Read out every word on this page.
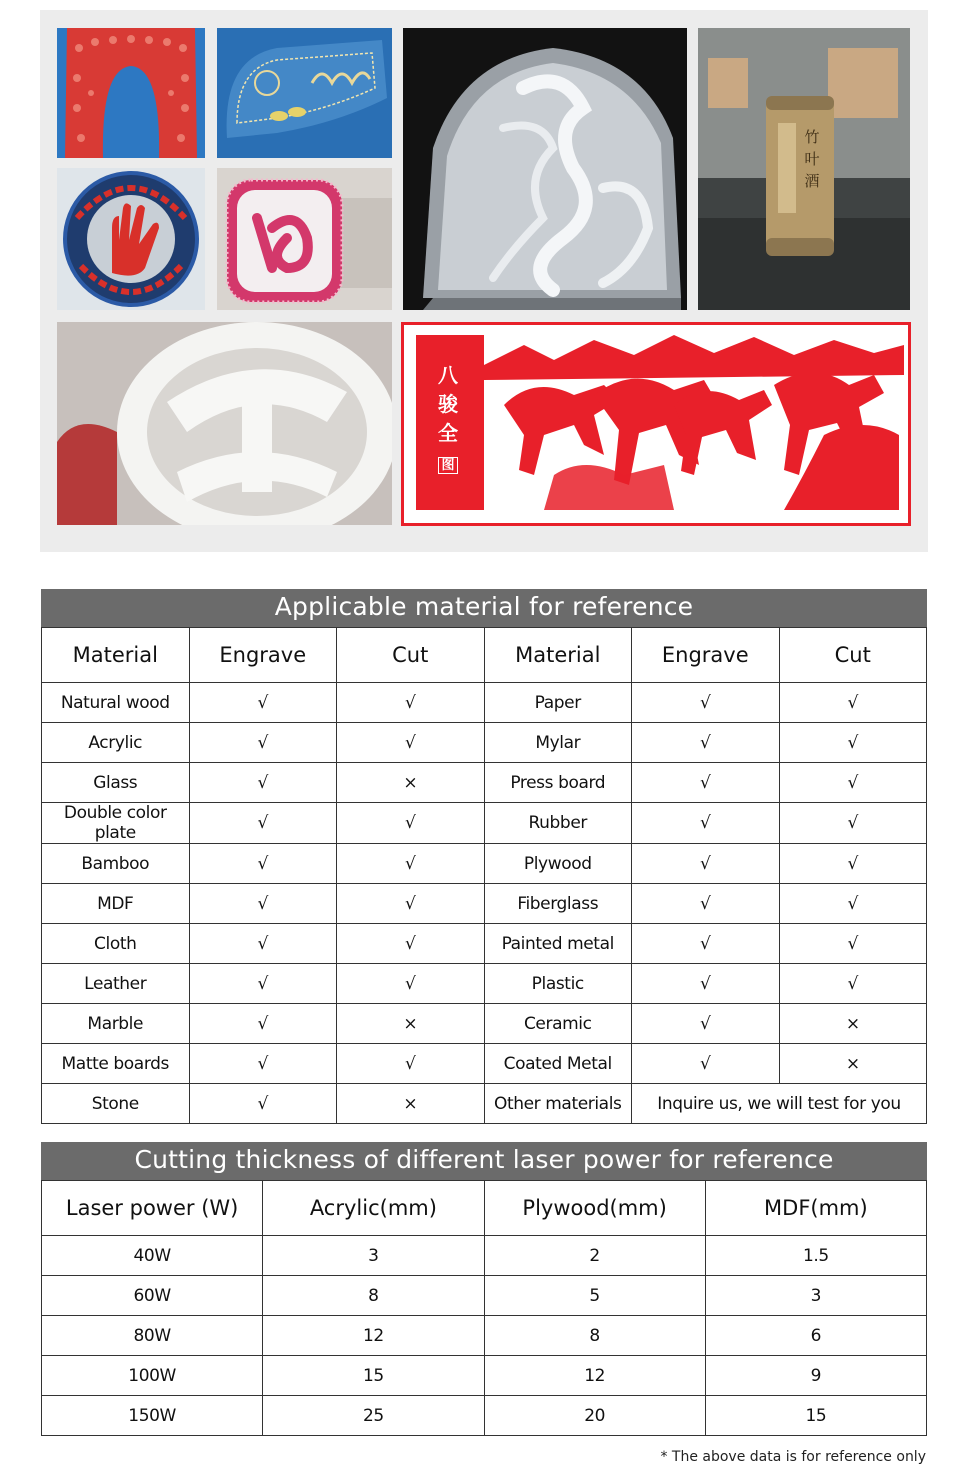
竹
叶
酒
八
骏
全
图
Applicable material for reference
Material	Engrave	Cut	Material	Engrave	Cut
Natural wood	√	√	Paper	√	√
Acrylic	√	√	Mylar	√	√
Glass	√	×	Press board	√	√
Double color plate	√	√	Rubber	√	√
Bamboo	√	√	Plywood	√	√
MDF	√	√	Fiberglass	√	√
Cloth	√	√	Painted metal	√	√
Leather	√	√	Plastic	√	√
Marble	√	×	Ceramic	√	×
Matte boards	√	√	Coated Metal	√	×
Stone	√	×	Other materials	Inquire us, we will test for you	
Cutting thickness of different laser power for reference
Laser power (W)	Acrylic(mm)	Plywood(mm)	MDF(mm)
40W	3	2	1.5
60W	8	5	3
80W	12	8	6
100W	15	12	9
150W	25	20	15
* The above data is for reference only
